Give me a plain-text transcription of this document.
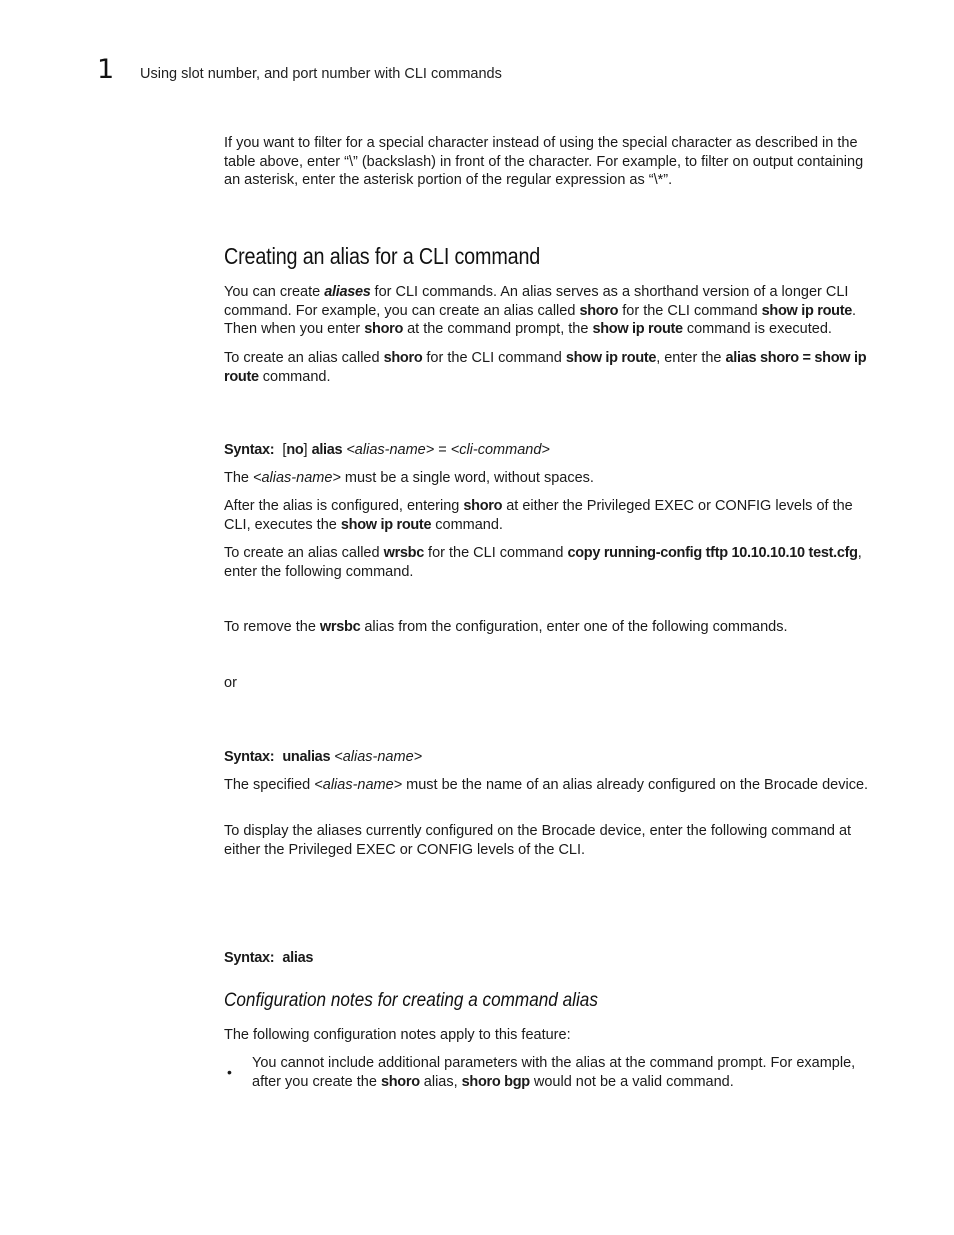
1 Using slot number, and port number with CLI commands

If you want to filter for a special character instead of using the special character as described in the table above, enter “\” (backslash) in front of the character. For example, to filter on output containing an asterisk, enter the asterisk portion of the regular expression as “\*”.

Creating an alias for a CLI command

You can create aliases for CLI commands. An alias serves as a shorthand version of a longer CLI command. For example, you can create an alias called shoro for the CLI command show ip route. Then when you enter shoro at the command prompt, the show ip route command is executed.

To create an alias called shoro for the CLI command show ip route, enter the alias shoro = show ip route command.

Syntax: [no] alias <alias-name> = <cli-command>

The <alias-name> must be a single word, without spaces.

After the alias is configured, entering shoro at either the Privileged EXEC or CONFIG levels of the CLI, executes the show ip route command.

To create an alias called wrsbc for the CLI command copy running-config tftp 10.10.10.10 test.cfg, enter the following command.

To remove the wrsbc alias from the configuration, enter one of the following commands.

or

Syntax: unalias <alias-name>

The specified <alias-name> must be the name of an alias already configured on the Brocade device.

To display the aliases currently configured on the Brocade device, enter the following command at either the Privileged EXEC or CONFIG levels of the CLI.

Syntax: alias

Configuration notes for creating a command alias

The following configuration notes apply to this feature:

•

You cannot include additional parameters with the alias at the command prompt. For example, after you create the shoro alias, shoro bgp would not be a valid command.
